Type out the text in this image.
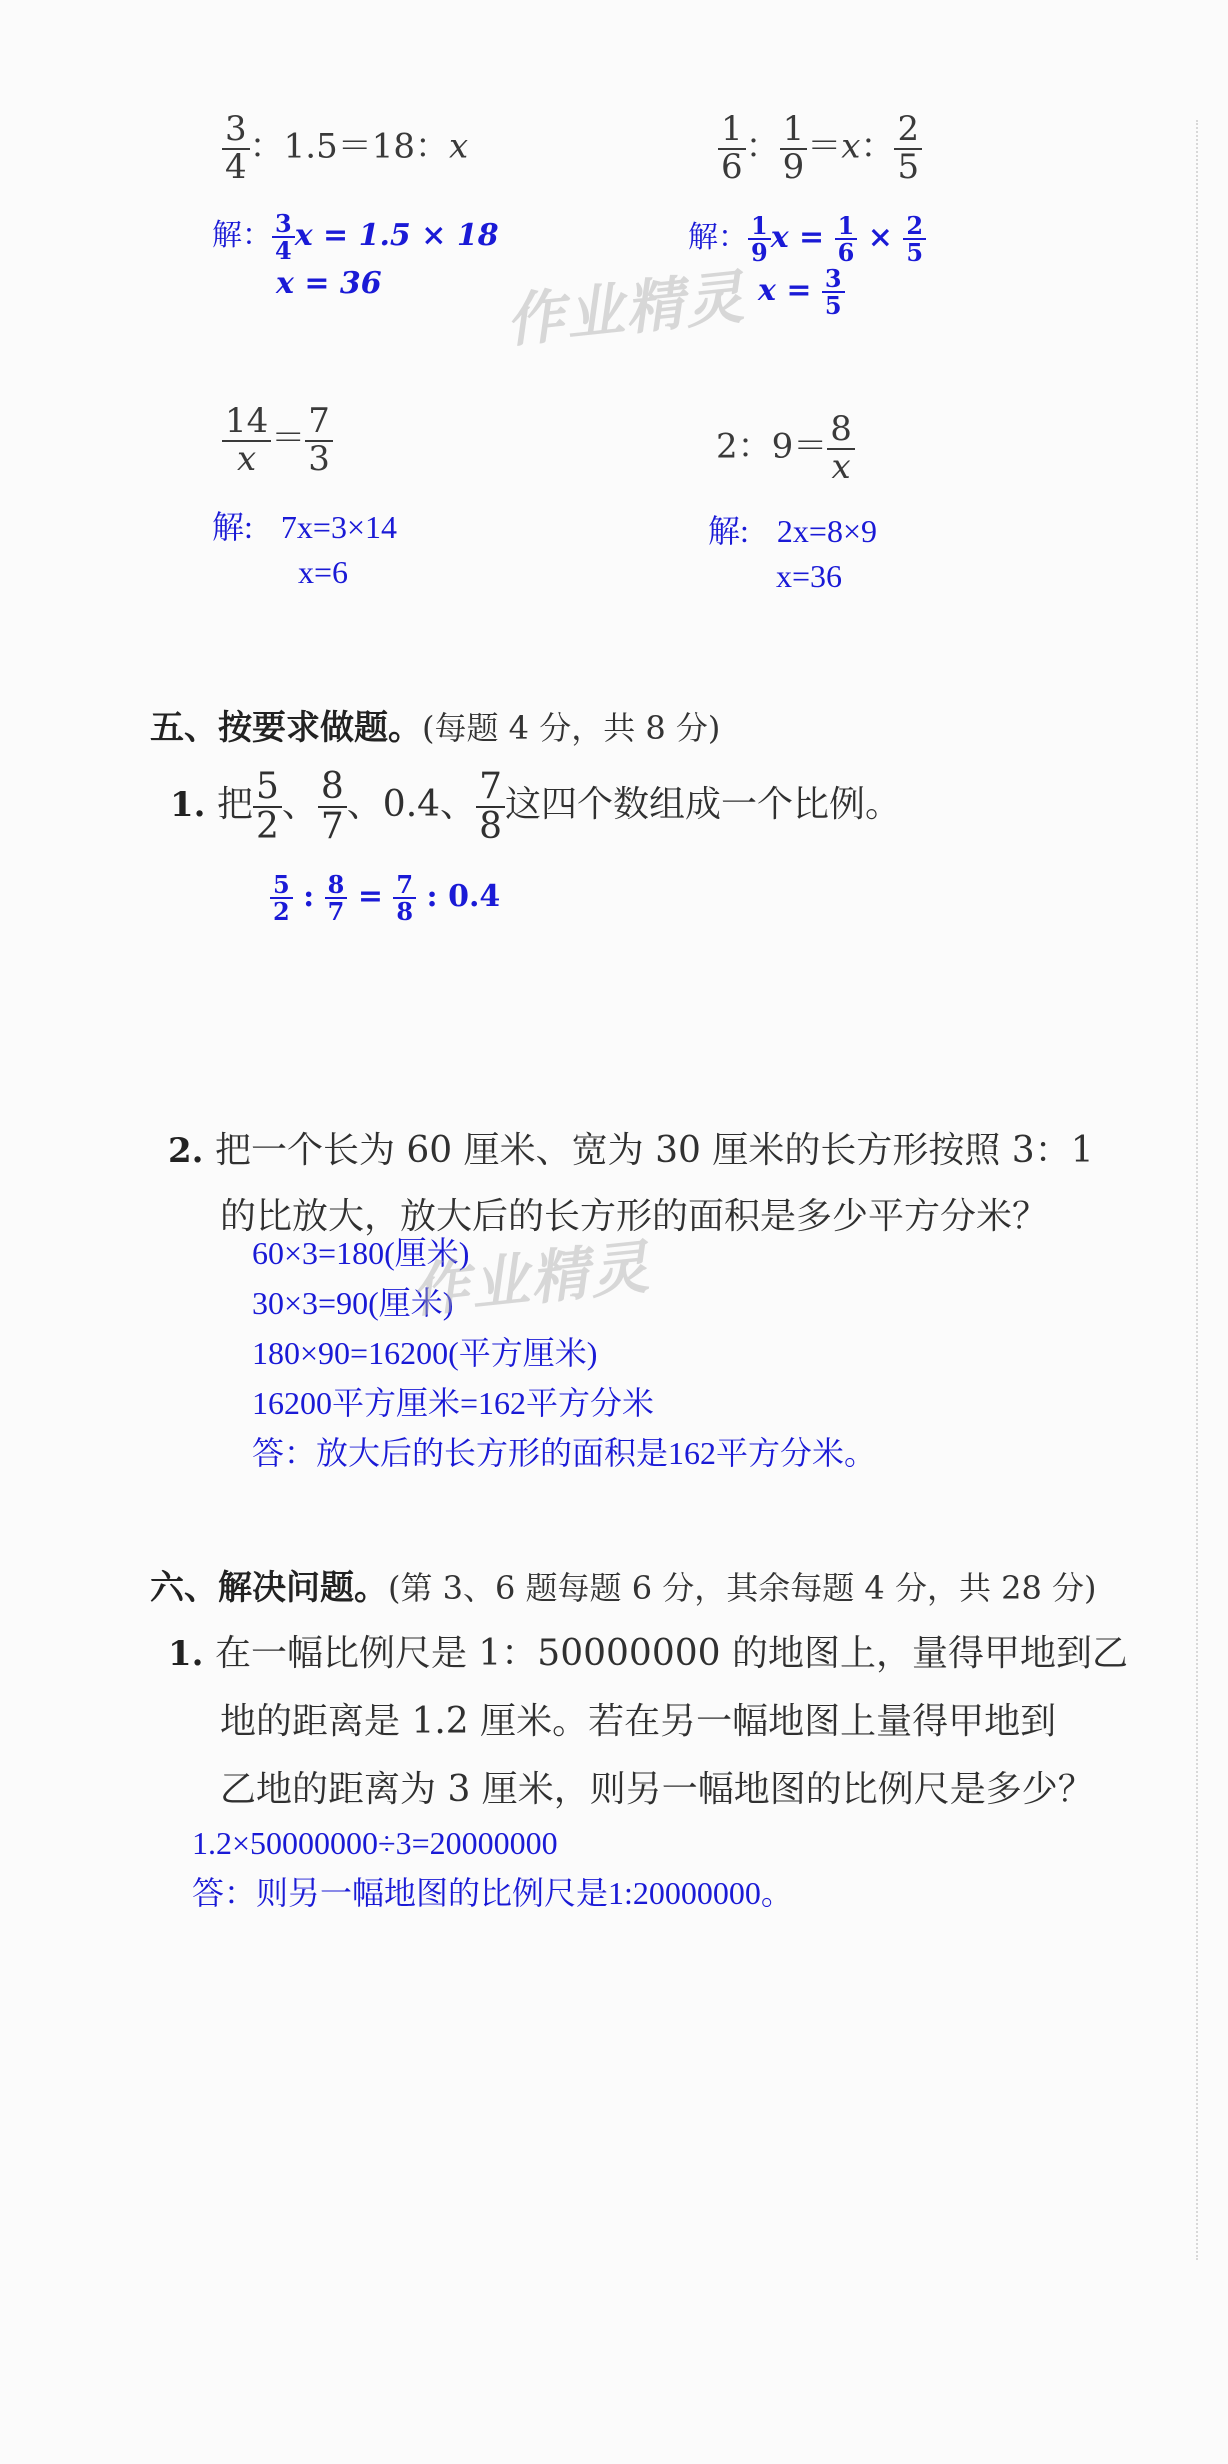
$\frac{3}{4}$ ：1.5＝18：x
解： $\frac{3}{4}$ x = 1.5 × 18
x = 36
$\frac{1}{6}$ ： $\frac{1}{9} =x$： $\frac{2}{5}$
解： $\frac{1}{9}$ $x = \frac{1}{6} \times \frac{2}{5}$
$x = \frac{3}{5}$
作业精灵
$\frac{14}{x} = \frac{7}{3}$
解: 7x=3×14
x=6
2：$9= \frac{8}{x}$
解: 2x=8×9
x=36
五、按要求做题。(每题 4 分，共 8 分)
1. 把 $\frac{5}{2}$ 、 $\frac{8}{7}$ 、0.4、 $\frac{7}{8}$ 这四个数组成一个比例。
$\frac{5}{2}$ : $\frac{8}{7} = \frac{7}{8}$ : 0.4
2. 把一个长为 60 厘米、宽为 30 厘米的长方形按照 3：1
的比放大，放大后的长方形的面积是多少平方分米？
60×3=180(厘米)
30×3=90(厘米)
180×90=16200(平方厘米)
16200平方厘米=162平方分米
答：放大后的长方形的面积是162平方分米。
作业精灵
六、解决问题。(第 3、6 题每题 6 分，其余每题 4 分，共 28 分)
1. 在一幅比例尺是 1：50000000 的地图上，量得甲地到乙
地的距离是 1.2 厘米。若在另一幅地图上量得甲地到
乙地的距离为 3 厘米，则另一幅地图的比例尺是多少？
1.2×50000000÷3=20000000
答：则另一幅地图的比例尺是1:20000000。
